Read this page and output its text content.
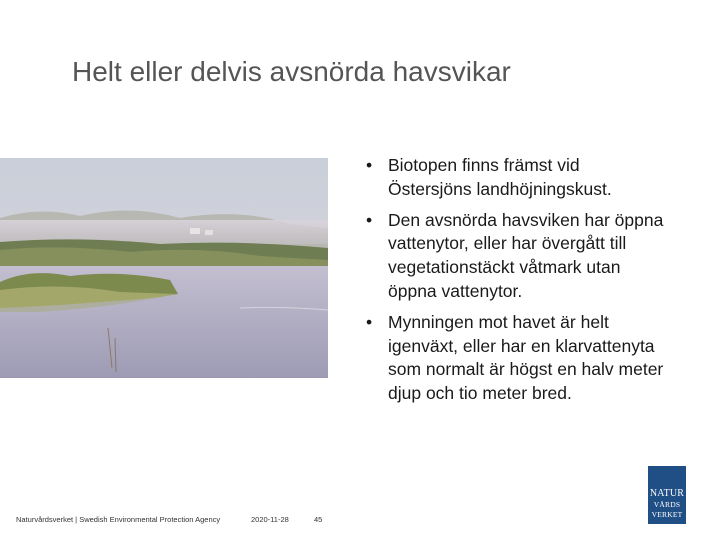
Helt eller delvis avsnörda havsvikar
• Biotopen finns främst vid Östersjöns landhöjningskust.
• Den avsnörda havsviken har öppna vattenytor, eller har övergått till vegetationstäckt våtmark utan öppna vattenytor.
• Mynningen mot havet är helt igenväxt, eller har en klarvattenyta som normalt är högst en halv meter djup och tio meter bred.
Naturvårdsverket | Swedish Environmental Protection Agency	2020-11-28	45
NATUR
VÅRDS
VERKET
